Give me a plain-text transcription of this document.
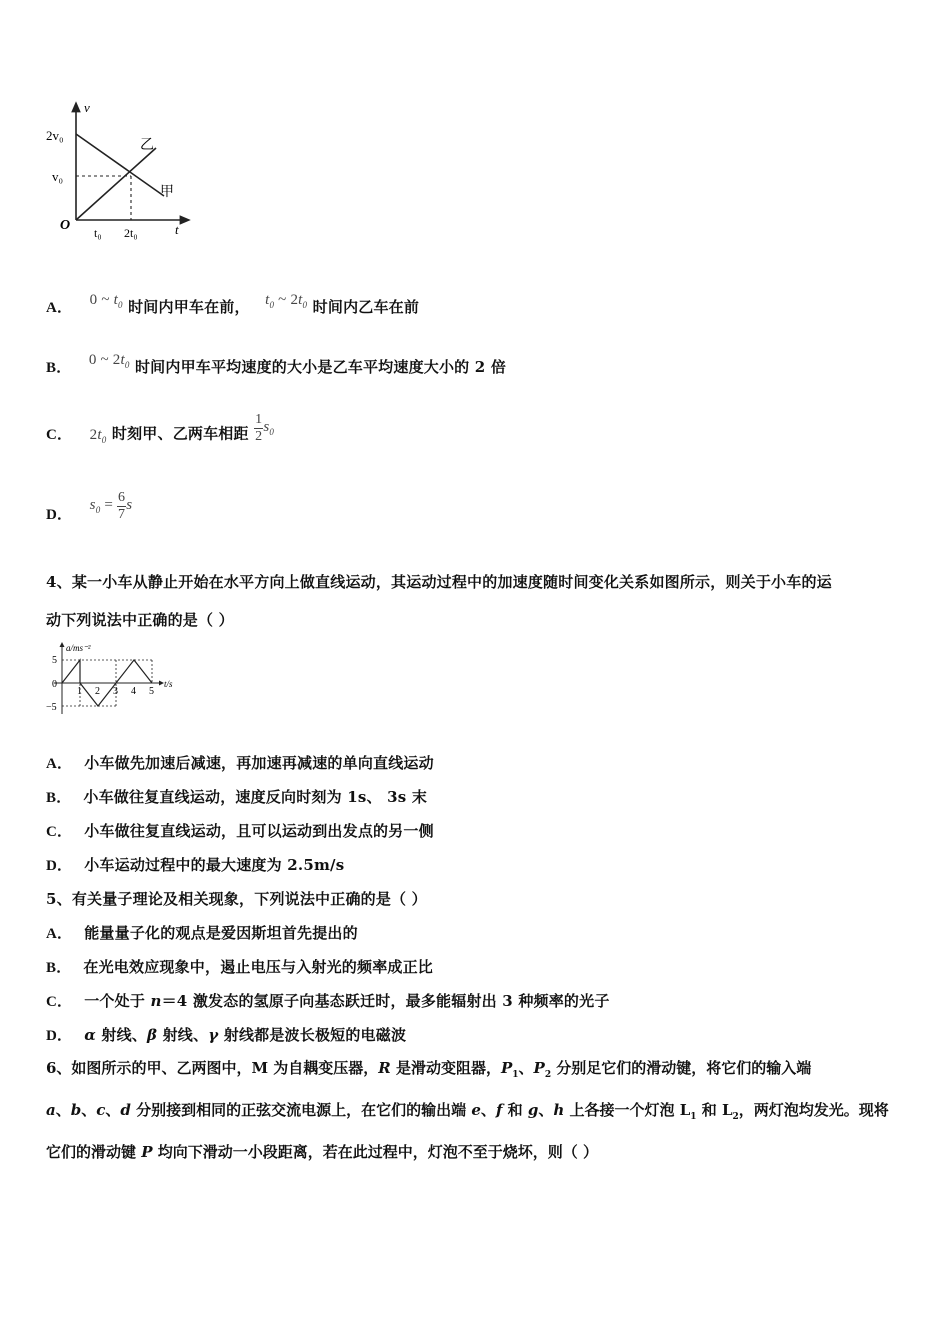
v
t
O
2v₀
v₀
t₀ 2t₀
乙
甲
A． 0 ~ $t_0$ 时间内甲车在前， $t_0$ ~ $2t_0$ 时间内乙车在前
B． 0 ~ $2t_0$ 时间内甲车平均速度的大小是乙车平均速度大小的 2 倍
C． $2t_0$ 时刻甲、乙两车相距 $\frac{1}{2} s_0$
D． $s_0 = \frac{6}{7}$ s
4、某一小车从静止开始在水平方向上做直线运动，其运动过程中的加速度随时间变化关系如图所示，则关于小车的运
动下列说法中正确的是（ ）
a/ms⁻²
t/s
5
0
−5
1 2 3 4 5
A． 小车做先加速后减速，再加速再减速的单向直线运动
B． 小车做往复直线运动，速度反向时刻为 1s、 3s 末
C． 小车做往复直线运动，且可以运动到出发点的另一侧
D． 小车运动过程中的最大速度为 2.5m/s
5、有关量子理论及相关现象，下列说法中正确的是（ ）
A． 能量量子化的观点是爱因斯坦首先提出的
B． 在光电效应现象中，遏止电压与入射光的频率成正比
C． 一个处于 n＝4 激发态的氢原子向基态跃迁时，最多能辐射出 3 种频率的光子
D． α 射线、β 射线、γ 射线都是波长极短的电磁波
6、如图所示的甲、乙两图中，M 为自耦变压器，R 是滑动变阻器，$P_1$、$P_2$ 分别足它们的滑动键，将它们的输入端
a、b、c、d 分别接到相同的正弦交流电源上，在它们的输出端 e、f 和 g、h 上各接一个灯泡 $L_1$ 和 $L_2$，两灯泡均发光。现将
它们的滑动键 P 均向下滑动一小段距离，若在此过程中，灯泡不至于烧坏，则（ ）
